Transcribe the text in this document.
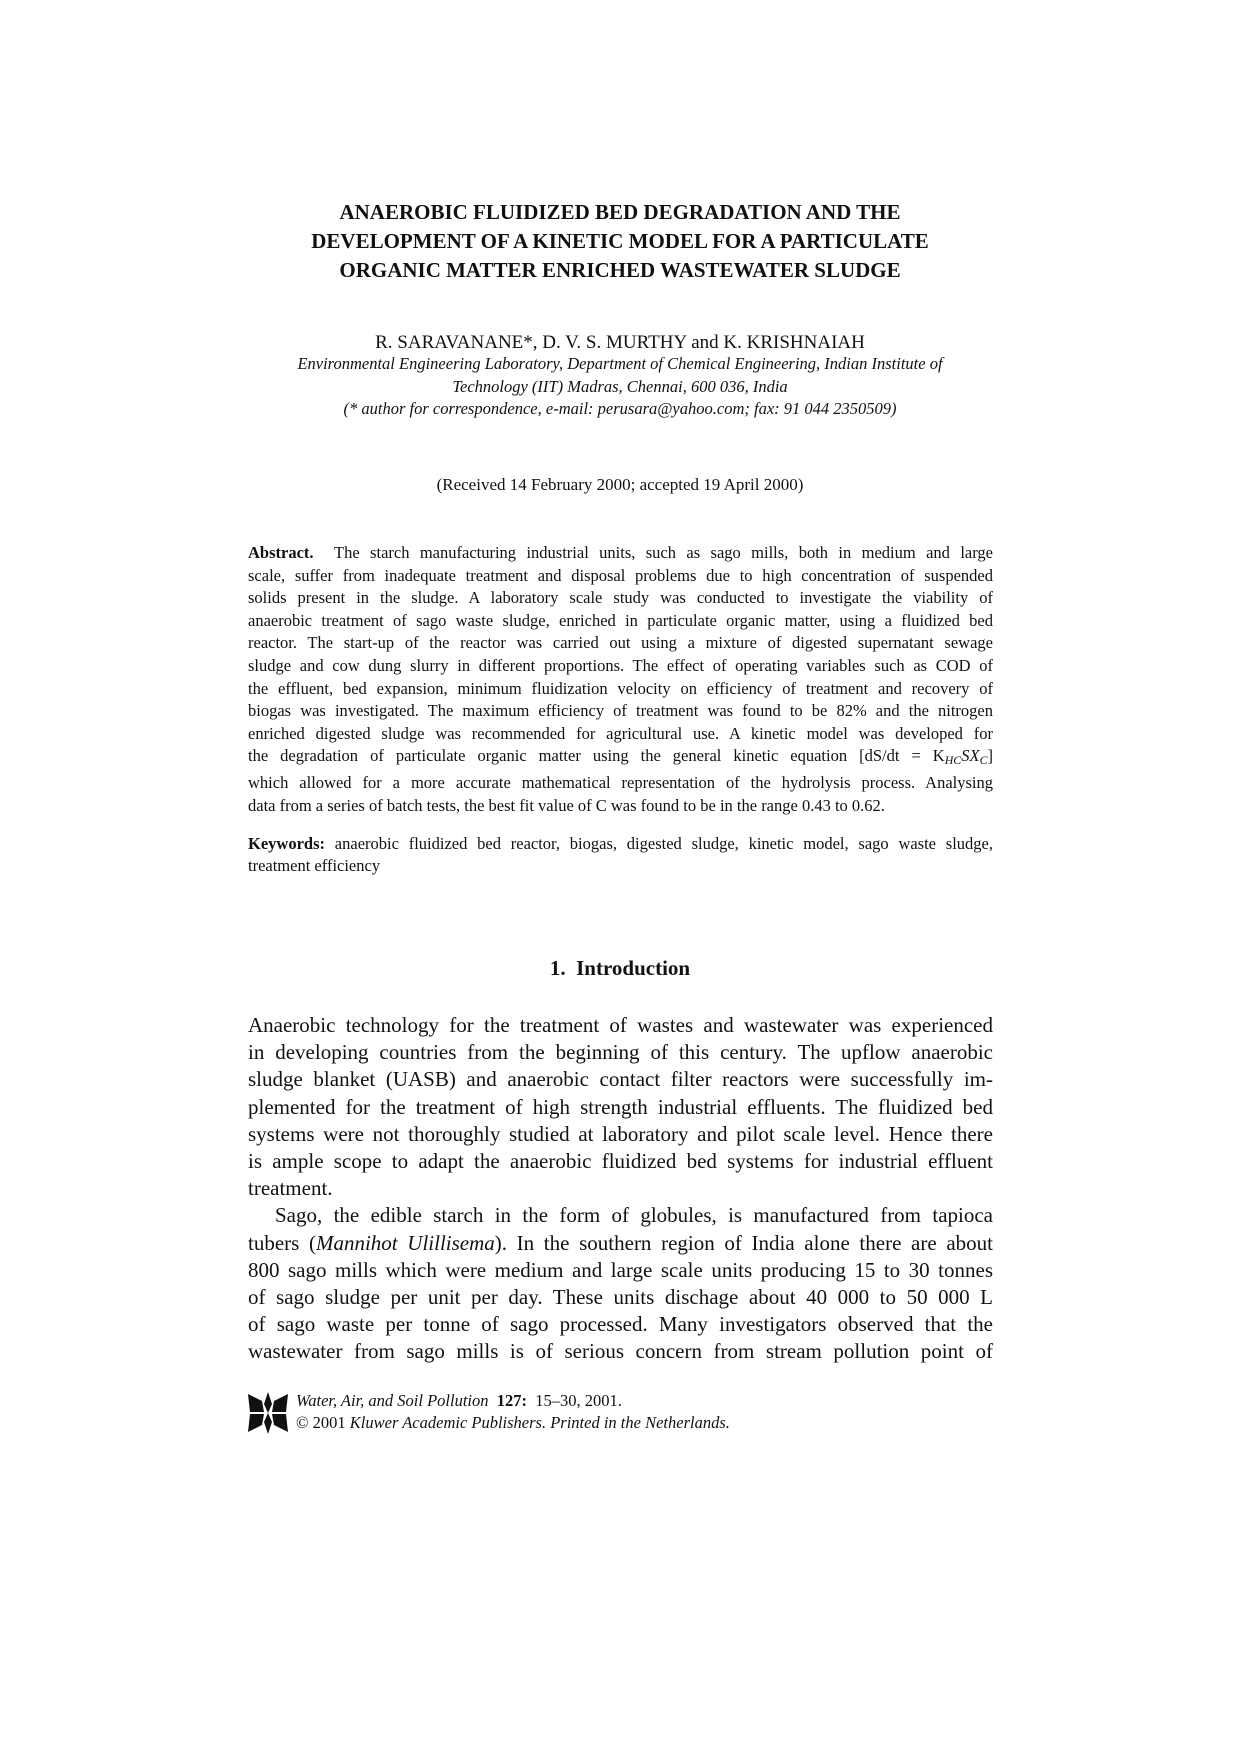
ANAEROBIC FLUIDIZED BED DEGRADATION AND THE
DEVELOPMENT OF A KINETIC MODEL FOR A PARTICULATE
ORGANIC MATTER ENRICHED WASTEWATER SLUDGE

R. SARAVANANE*, D. V. S. MURTHY and K. KRISHNAIAH

Environmental Engineering Laboratory, Department of Chemical Engineering, Indian Institute of
Technology (IIT) Madras, Chennai, 600 036, India
(* author for correspondence, e-mail: perusara@yahoo.com; fax: 91 044 2350509)

(Received 14 February 2000; accepted 19 April 2000)

Abstract. The starch manufacturing industrial units, such as sago mills, both in medium and large
scale, suffer from inadequate treatment and disposal problems due to high concentration of suspended
solids present in the sludge. A laboratory scale study was conducted to investigate the viability of
anaerobic treatment of sago waste sludge, enriched in particulate organic matter, using a fluidized bed
reactor. The start-up of the reactor was carried out using a mixture of digested supernatant sewage
sludge and cow dung slurry in different proportions. The effect of operating variables such as COD of
the effluent, bed expansion, minimum fluidization velocity on efficiency of treatment and recovery of
biogas was investigated. The maximum efficiency of treatment was found to be 82% and the nitrogen
enriched digested sludge was recommended for agricultural use. A kinetic model was developed for
the degradation of particulate organic matter using the general kinetic equation $[dS/dt = K_{HC}SX_C]$
which allowed for a more accurate mathematical representation of the hydrolysis process. Analysing
data from a series of batch tests, the best fit value of C was found to be in the range 0.43 to 0.62.
Keywords: anaerobic fluidized bed reactor, biogas, digested sludge, kinetic model, sago waste sludge,
treatment efficiency
1. Introduction
Anaerobic technology for the treatment of wastes and wastewater was experienced
in developing countries from the beginning of this century. The upflow anaerobic
sludge blanket (UASB) and anaerobic contact filter reactors were successfully im-
plemented for the treatment of high strength industrial effluents. The fluidized bed
systems were not thoroughly studied at laboratory and pilot scale level. Hence there
is ample scope to adapt the anaerobic fluidized bed systems for industrial effluent
treatment.
Sago, the edible starch in the form of globules, is manufactured from tapioca
tubers (Mannihot Ulillisema). In the southern region of India alone there are about
800 sago mills which were medium and large scale units producing 15 to 30 tonnes
of sago sludge per unit per day. These units dischage about 40 000 to 50 000 L
of sago waste per tonne of sago processed. Many investigators observed that the
wastewater from sago mills is of serious concern from stream pollution point of
Water, Air, and Soil Pollution 127: 15–30, 2001.
© 2001 Kluwer Academic Publishers. Printed in the Netherlands.
